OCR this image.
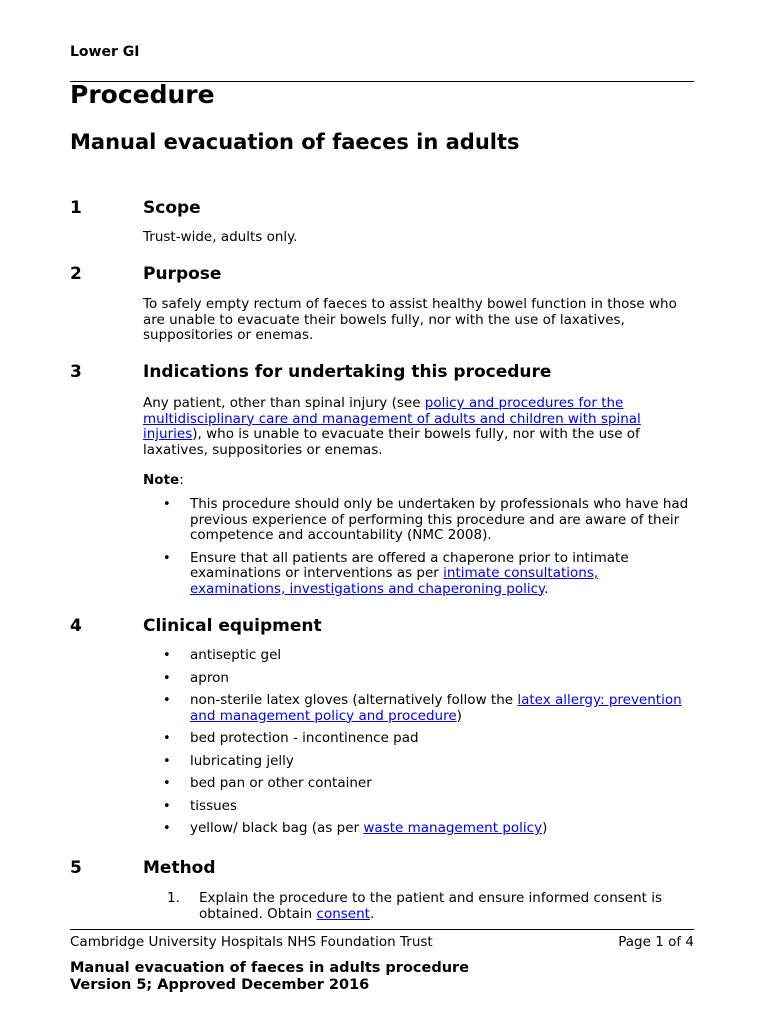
Lower GI
Procedure
Manual evacuation of faeces in adults
1	Scope
Trust-wide, adults only.
2	Purpose
To safely empty rectum of faeces to assist healthy bowel function in those who are unable to evacuate their bowels fully, nor with the use of laxatives, suppositories or enemas.
3	Indications for undertaking this procedure
Any patient, other than spinal injury (see policy and procedures for the multidisciplinary care and management of adults and children with spinal injuries), who is unable to evacuate their bowels fully, nor with the use of laxatives, suppositories or enemas.
Note:
• This procedure should only be undertaken by professionals who have had previous experience of performing this procedure and are aware of their competence and accountability (NMC 2008).
• Ensure that all patients are offered a chaperone prior to intimate examinations or interventions as per intimate consultations, examinations, investigations and chaperoning policy.
4	Clinical equipment
• antiseptic gel
• apron
• non-sterile latex gloves (alternatively follow the latex allergy: prevention and management policy and procedure)
• bed protection - incontinence pad
• lubricating jelly
• bed pan or other container
• tissues
• yellow/ black bag (as per waste management policy)
5	Method
1. Explain the procedure to the patient and ensure informed consent is obtained. Obtain consent.
Cambridge University Hospitals NHS Foundation Trust	Page 1 of 4
Manual evacuation of faeces in adults procedure
Version 5; Approved December 2016
